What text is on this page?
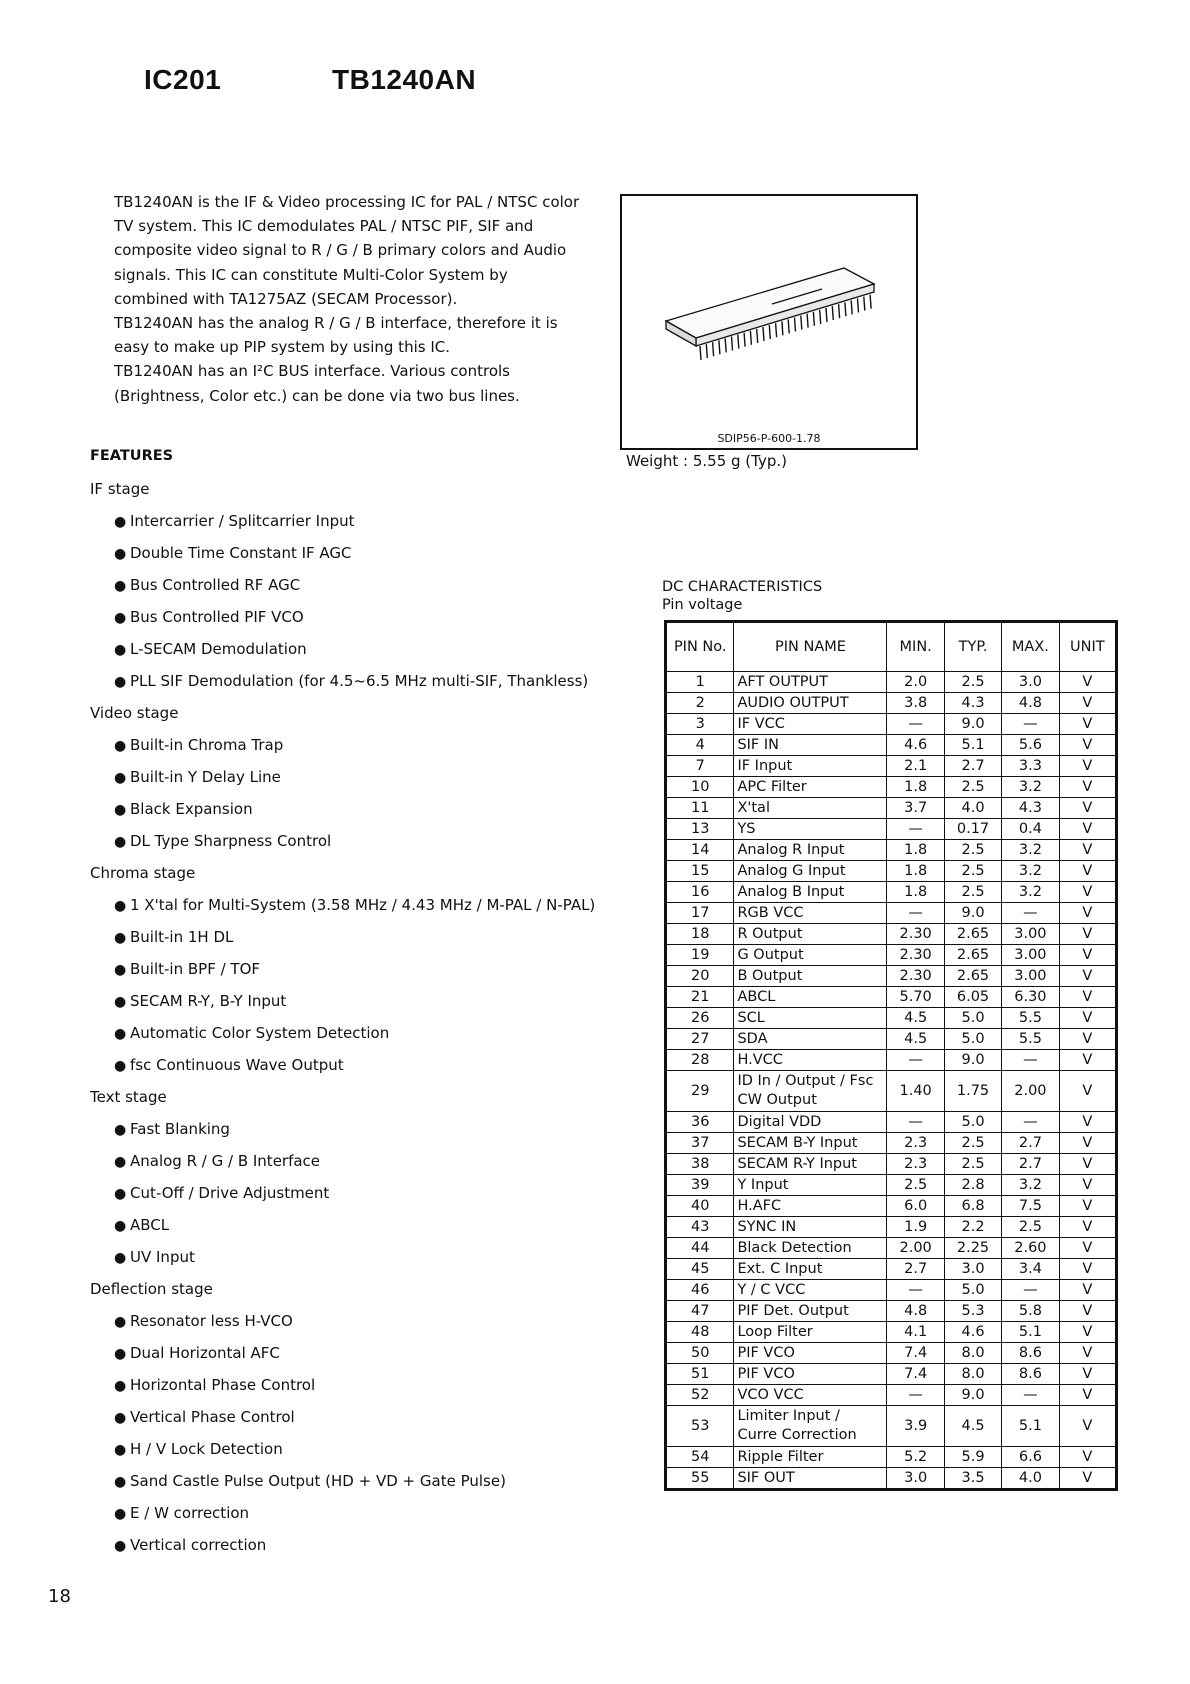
IC201	TB1240AN

TB1240AN is the IF & Video processing IC for PAL / NTSC color TV system. This IC demodulates PAL / NTSC PIF, SIF and composite video signal to R / G / B primary colors and Audio signals. This IC can constitute Multi-Color System by combined with TA1275AZ (SECAM Processor).

TB1240AN has the analog R / G / B interface, therefore it is easy to make up PIP system by using this IC.

TB1240AN has an I²C BUS interface. Various controls (Brightness, Color etc.) can be done via two bus lines.

SDIP56-P-600-1.78
Weight : 5.55 g (Typ.)
FEATURES
IF stage
● Intercarrier / Splitcarrier Input
● Double Time Constant IF AGC
● Bus Controlled RF AGC
● Bus Controlled PIF VCO
● L-SECAM Demodulation
● PLL SIF Demodulation (for 4.5~6.5 MHz multi-SIF, Thankless)
Video stage
● Built-in Chroma Trap
● Built-in Y Delay Line
● Black Expansion
● DL Type Sharpness Control
Chroma stage
● 1 X'tal for Multi-System (3.58 MHz / 4.43 MHz / M-PAL / N-PAL)
● Built-in 1H DL
● Built-in BPF / TOF
● SECAM R-Y, B-Y Input
● Automatic Color System Detection
● fsc Continuous Wave Output
Text stage
● Fast Blanking
● Analog R / G / B Interface
● Cut-Off / Drive Adjustment
● ABCL
● UV Input
Deflection stage
● Resonator less H-VCO
● Dual Horizontal AFC
● Horizontal Phase Control
● Vertical Phase Control
● H / V Lock Detection
● Sand Castle Pulse Output (HD + VD + Gate Pulse)
● E / W correction
● Vertical correction
DC CHARACTERISTICS
Pin voltage
PIN No.	PIN NAME	MIN.	TYP.	MAX.	UNIT
1	AFT OUTPUT	2.0	2.5	3.0	V
2	AUDIO OUTPUT	3.8	4.3	4.8	V
3	IF VCC	—	9.0	—	V
4	SIF IN	4.6	5.1	5.6	V
7	IF Input	2.1	2.7	3.3	V
10	APC Filter	1.8	2.5	3.2	V
11	X'tal	3.7	4.0	4.3	V
13	YS	—	0.17	0.4	V
14	Analog R Input	1.8	2.5	3.2	V
15	Analog G Input	1.8	2.5	3.2	V
16	Analog B Input	1.8	2.5	3.2	V
17	RGB VCC	—	9.0	—	V
18	R Output	2.30	2.65	3.00	V
19	G Output	2.30	2.65	3.00	V
20	B Output	2.30	2.65	3.00	V
21	ABCL	5.70	6.05	6.30	V
26	SCL	4.5	5.0	5.5	V
27	SDA	4.5	5.0	5.5	V
28	H.VCC	—	9.0	—	V
29	ID In / Output / Fsc CW Output	1.40	1.75	2.00	V
36	Digital VDD	—	5.0	—	V
37	SECAM B-Y Input	2.3	2.5	2.7	V
38	SECAM R-Y Input	2.3	2.5	2.7	V
39	Y Input	2.5	2.8	3.2	V
40	H.AFC	6.0	6.8	7.5	V
43	SYNC IN	1.9	2.2	2.5	V
44	Black Detection	2.00	2.25	2.60	V
45	Ext. C Input	2.7	3.0	3.4	V
46	Y / C VCC	—	5.0	—	V
47	PIF Det. Output	4.8	5.3	5.8	V
48	Loop Filter	4.1	4.6	5.1	V
50	PIF VCO	7.4	8.0	8.6	V
51	PIF VCO	7.4	8.0	8.6	V
52	VCO VCC	—	9.0	—	V
53	Limiter Input / Curre Correction	3.9	4.5	5.1	V
54	Ripple Filter	5.2	5.9	6.6	V
55	SIF OUT	3.0	3.5	4.0	V
18
